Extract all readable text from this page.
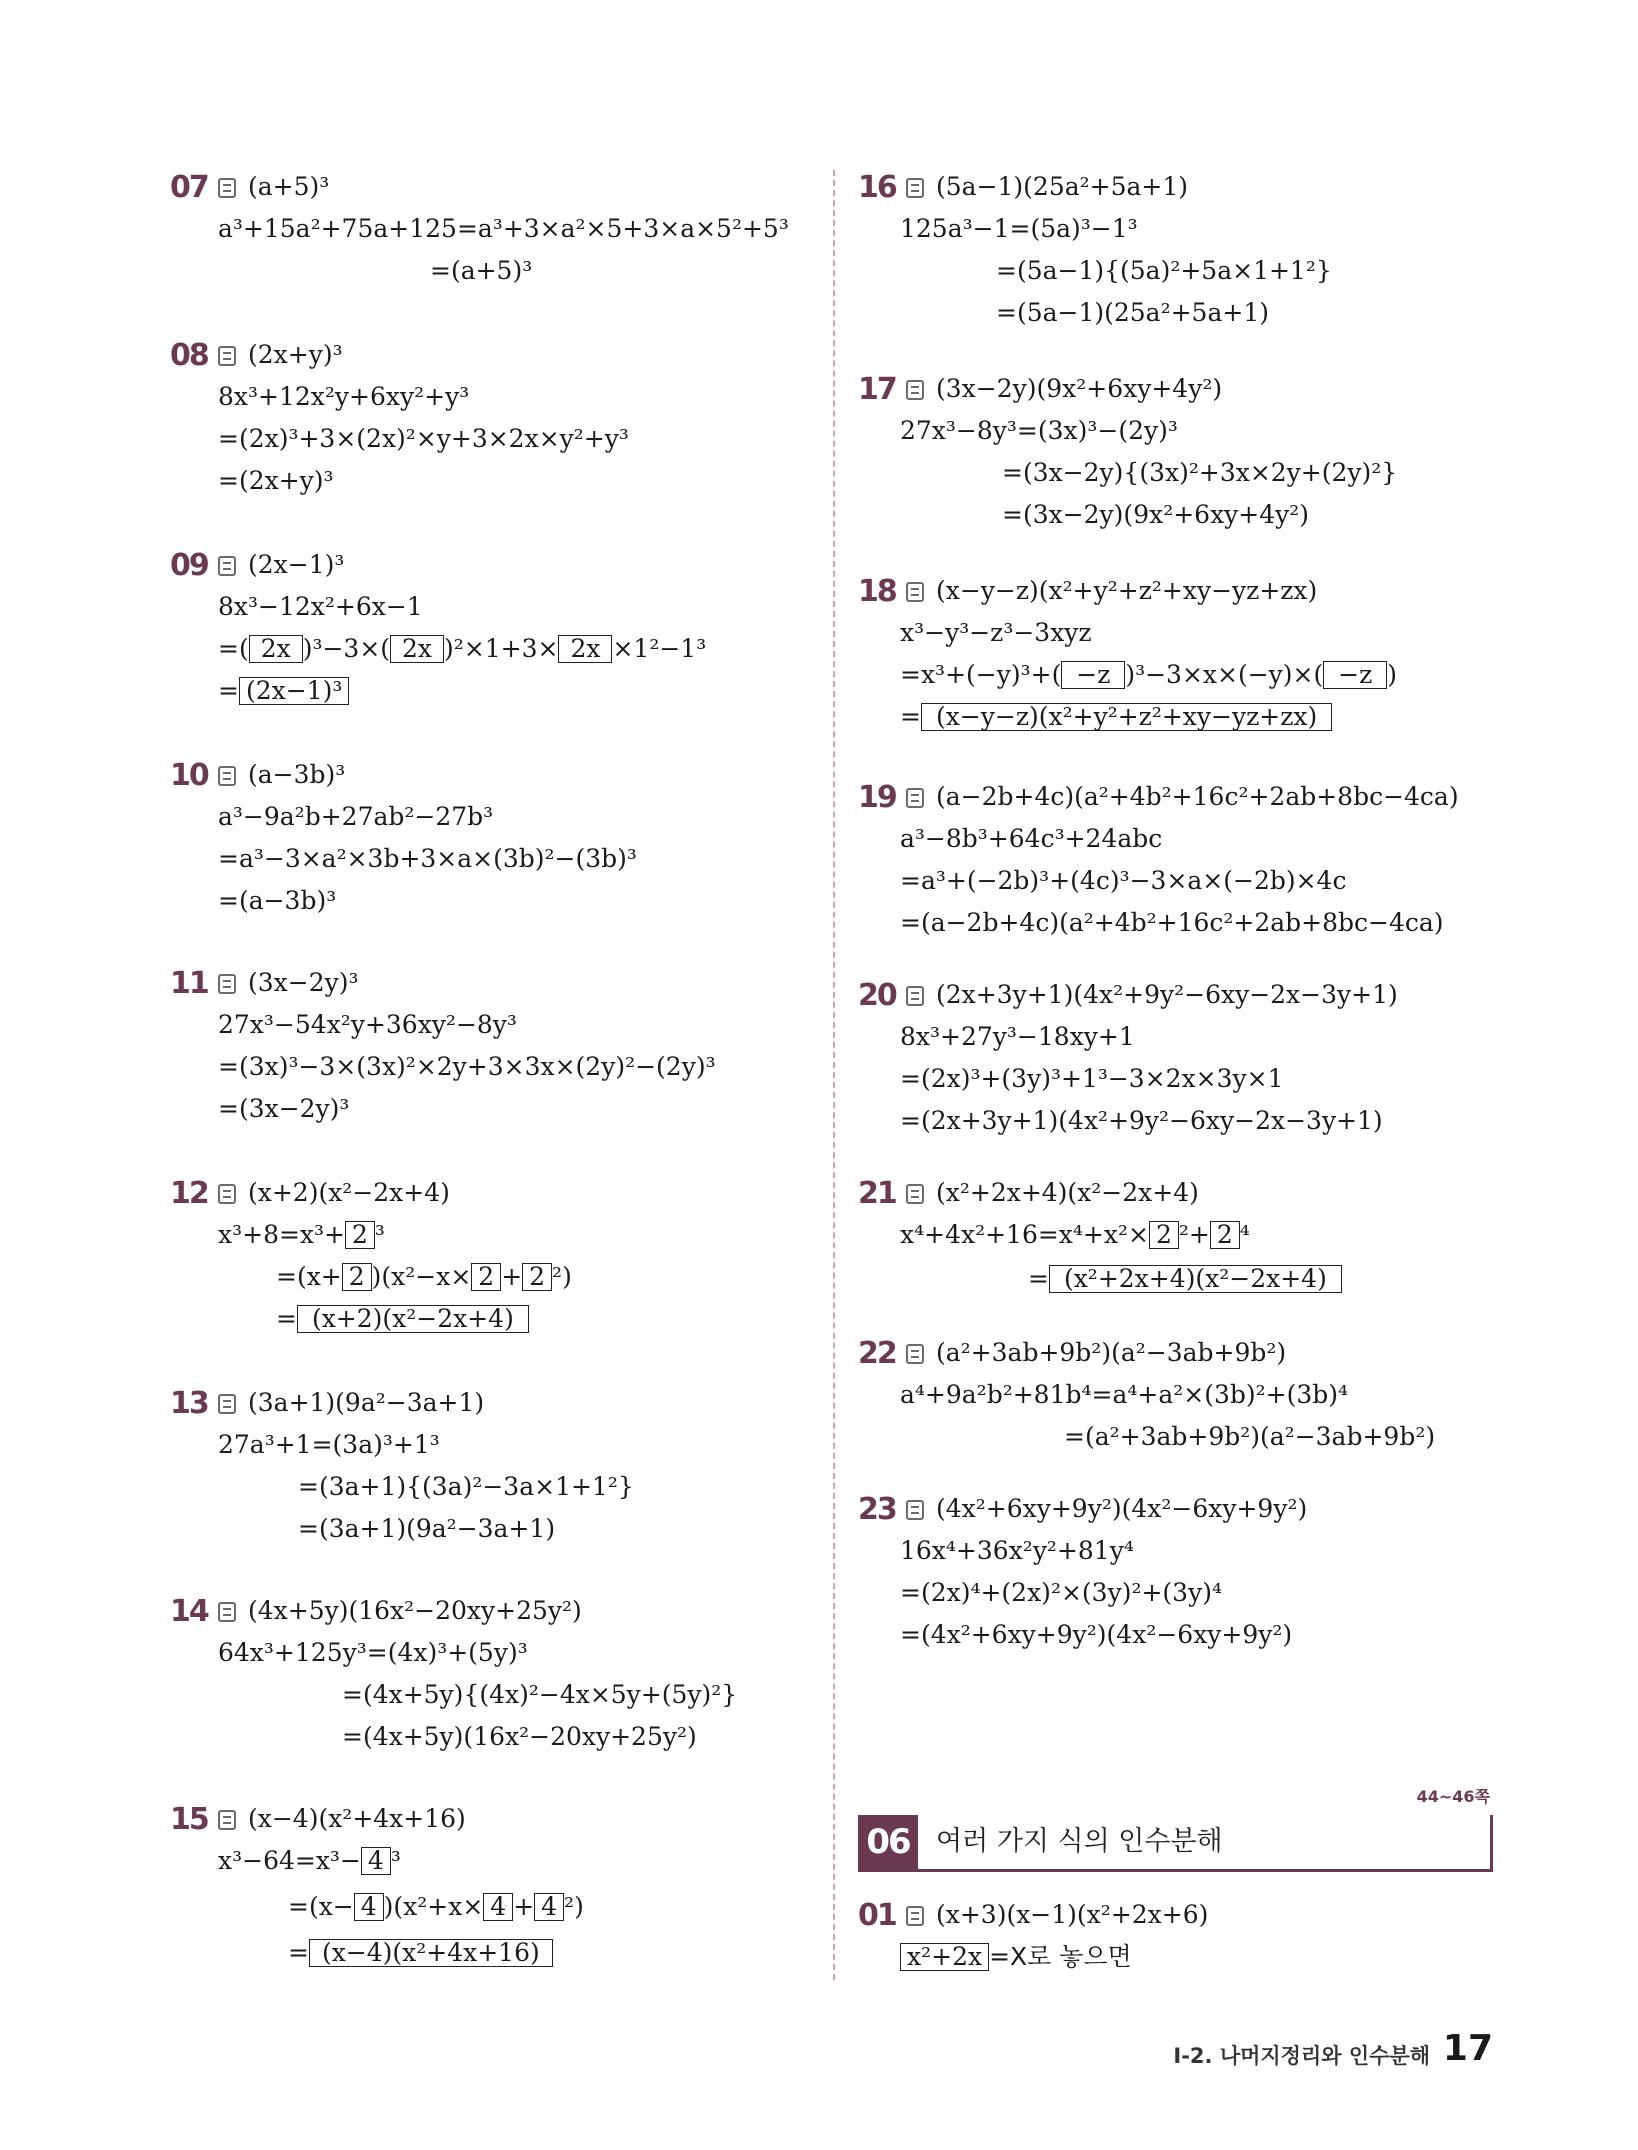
07 (a+5)³
a³+15a²+75a+125=a³+3×a²×5+3×a×5²+5³
=(a+5)³
08 (2x+y)³
8x³+12x²y+6xy²+y³
=(2x)³+3×(2x)²×y+3×2x×y²+y³
=(2x+y)³
09 (2x−1)³
8x³−12x²+6x−1
=( 2x )³−3×( 2x )²×1+3× 2x ×1²−1³
= (2x−1)³
10 (a−3b)³
a³−9a²b+27ab²−27b³
=a³−3×a²×3b+3×a×(3b)²−(3b)³
=(a−3b)³
11 (3x−2y)³
27x³−54x²y+36xy²−8y³
=(3x)³−3×(3x)²×2y+3×3x×(2y)²−(2y)³
=(3x−2y)³
12 (x+2)(x²−2x+4)
x³+8=x³+ 2 ³
=(x+ 2 )(x²−x× 2 + 2 ²)
= (x+2)(x²−2x+4)
13 (3a+1)(9a²−3a+1)
27a³+1=(3a)³+1³
=(3a+1){(3a)²−3a×1+1²}
=(3a+1)(9a²−3a+1)
14 (4x+5y)(16x²−20xy+25y²)
64x³+125y³=(4x)³+(5y)³
=(4x+5y){(4x)²−4x×5y+(5y)²}
=(4x+5y)(16x²−20xy+25y²)
15 (x−4)(x²+4x+16)
x³−64=x³− 4 ³
=(x− 4 )(x²+x× 4 + 4 ²)
= (x−4)(x²+4x+16)
16 (5a−1)(25a²+5a+1)
125a³−1=(5a)³−1³
=(5a−1){(5a)²+5a×1+1²}
=(5a−1)(25a²+5a+1)
17 (3x−2y)(9x²+6xy+4y²)
27x³−8y³=(3x)³−(2y)³
=(3x−2y){(3x)²+3x×2y+(2y)²}
=(3x−2y)(9x²+6xy+4y²)
18 (x−y−z)(x²+y²+z²+xy−yz+zx)
x³−y³−z³−3xyz
=x³+(−y)³+( −z )³−3×x×(−y)×( −z )
= (x−y−z)(x²+y²+z²+xy−yz+zx)
19 (a−2b+4c)(a²+4b²+16c²+2ab+8bc−4ca)
a³−8b³+64c³+24abc
=a³+(−2b)³+(4c)³−3×a×(−2b)×4c
=(a−2b+4c)(a²+4b²+16c²+2ab+8bc−4ca)
20 (2x+3y+1)(4x²+9y²−6xy−2x−3y+1)
8x³+27y³−18xy+1
=(2x)³+(3y)³+1³−3×2x×3y×1
=(2x+3y+1)(4x²+9y²−6xy−2x−3y+1)
21 (x²+2x+4)(x²−2x+4)
x⁴+4x²+16=x⁴+x²× 2 ²+ 2 ⁴
= (x²+2x+4)(x²−2x+4)
22 (a²+3ab+9b²)(a²−3ab+9b²)
a⁴+9a²b²+81b⁴=a⁴+a²×(3b)²+(3b)⁴
=(a²+3ab+9b²)(a²−3ab+9b²)
23 (4x²+6xy+9y²)(4x²−6xy+9y²)
16x⁴+36x²y²+81y⁴
=(2x)⁴+(2x)²×(3y)²+(3y)⁴
=(4x²+6xy+9y²)(4x²−6xy+9y²)
44~46쪽
06 여러 가지 식의 인수분해
01 (x+3)(x−1)(x²+2x+6)
x²+2x =X로 놓으면
Ⅰ-2. 나머지정리와 인수분해 17
